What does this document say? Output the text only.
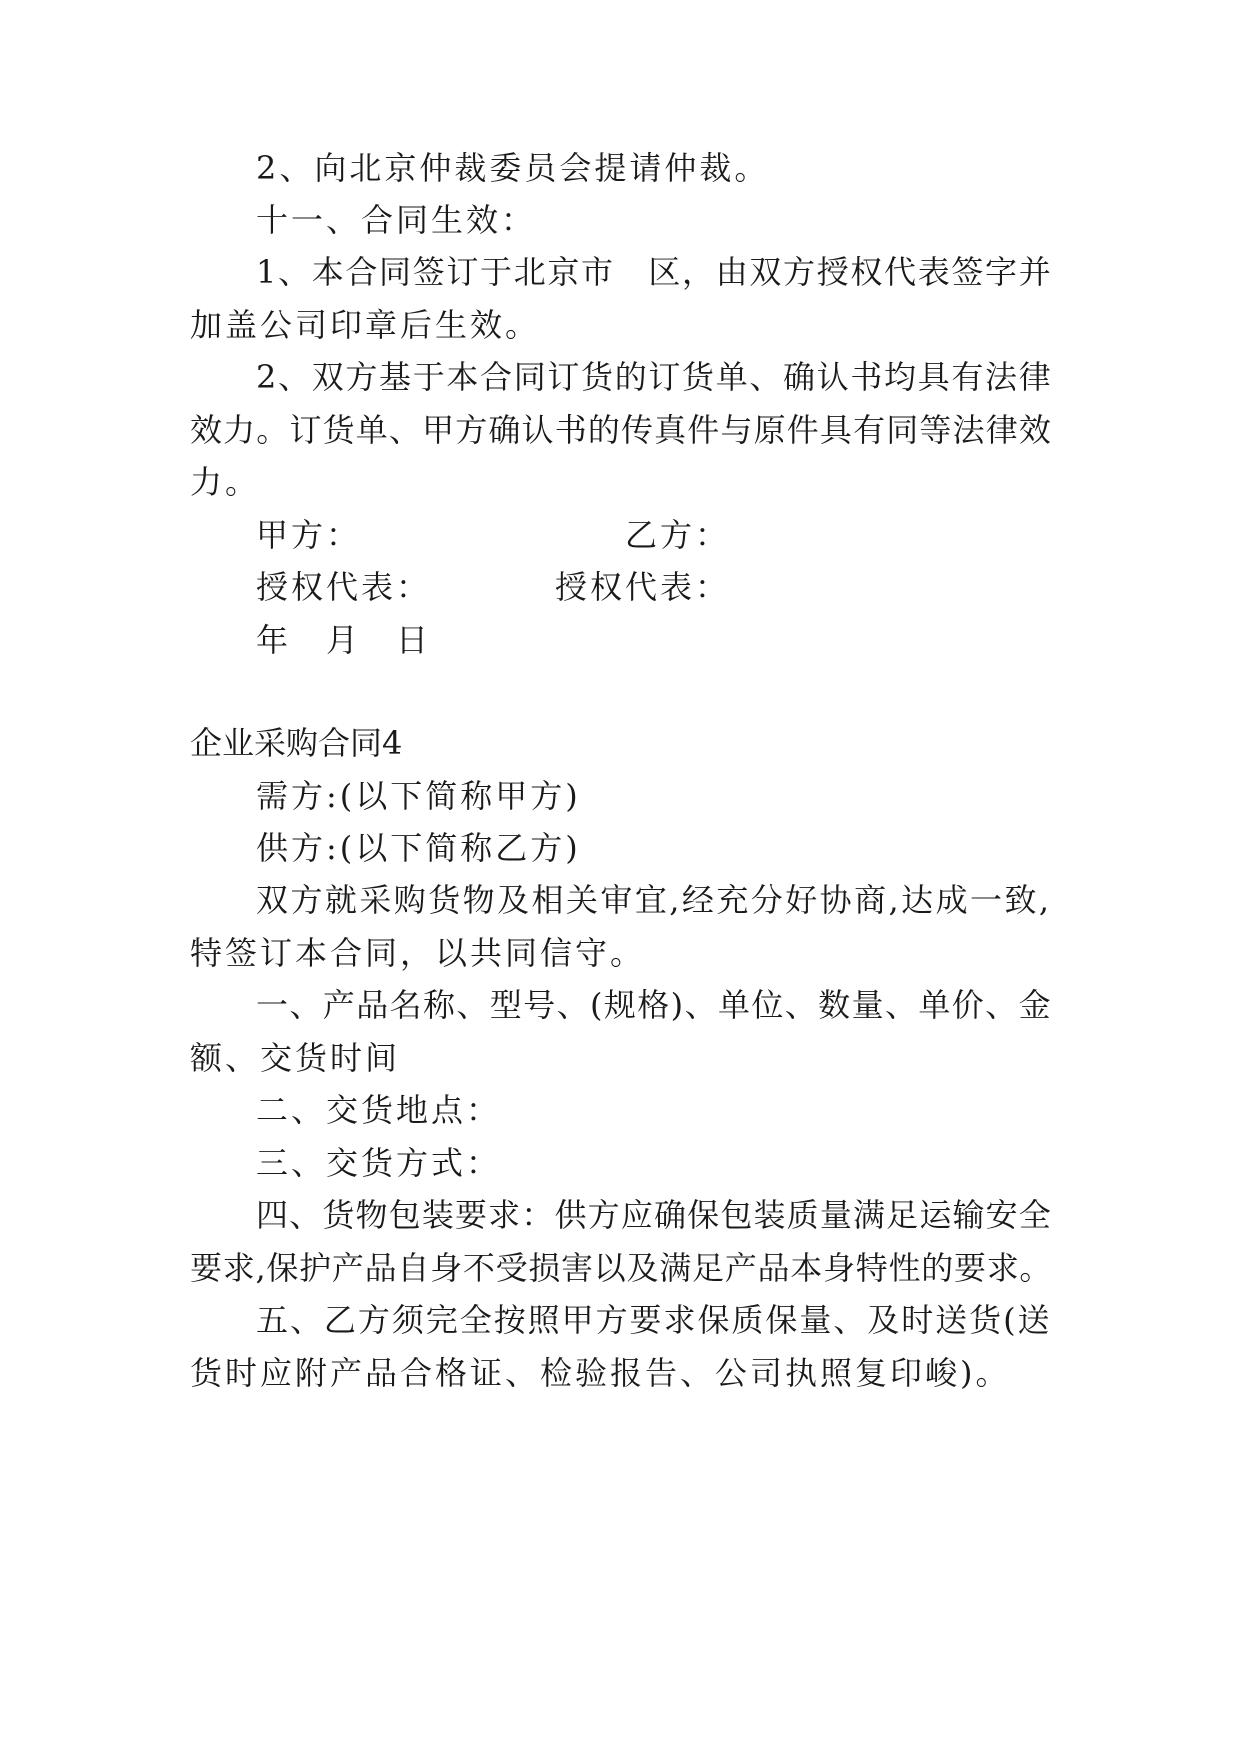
2、向北京仲裁委员会提请仲裁。
十一、合同生效：
1、本合同签订于北京市　区，由双方授权代表签字并
加盖公司印章后生效。
2、双方基于本合同订货的订货单、确认书均具有法律
效力。订货单、甲方确认书的传真件与原件具有同等法律效
力。
甲方：　　　　　　　　乙方：
授权代表：　　　　授权代表：
年　月　日
企业采购合同4
需方:(以下简称甲方)
供方:(以下简称乙方)
双方就采购货物及相关审宜,经充分好协商,达成一致,
特签订本合同，以共同信守。
一、产品名称、型号、(规格)、单位、数量、单价、金
额、交货时间
二、交货地点：
三、交货方式：
四、货物包装要求：供方应确保包装质量满足运输安全
要求,保护产品自身不受损害以及满足产品本身特性的要求。
五、乙方须完全按照甲方要求保质保量、及时送货(送
货时应附产品合格证、检验报告、公司执照复印峻)。
